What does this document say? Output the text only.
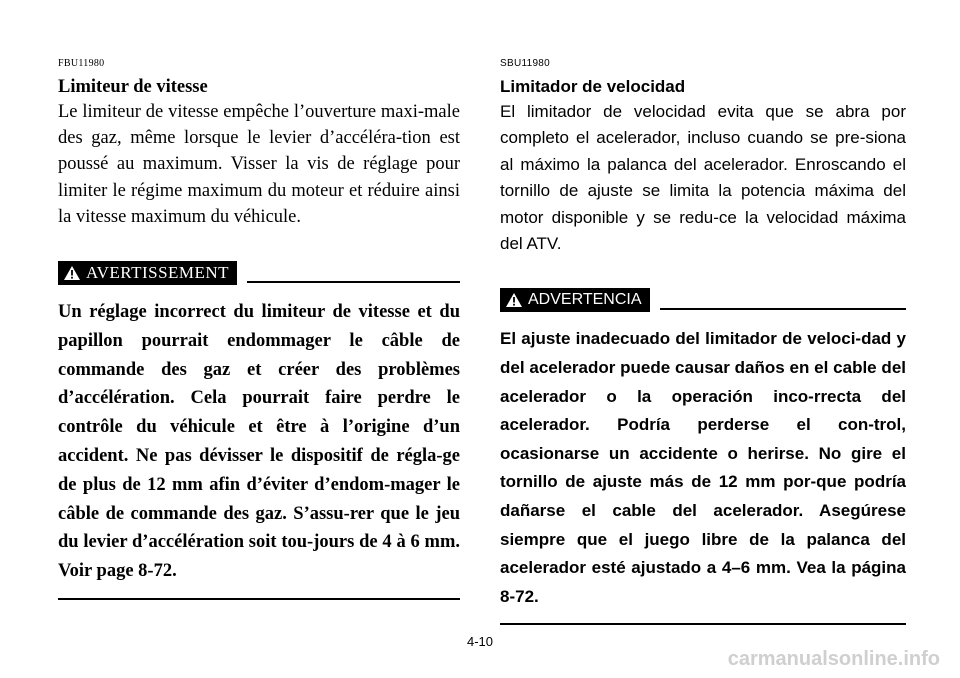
FBU11980

Limiteur de vitesse

Le limiteur de vitesse empêche l’ouverture maxi-male des gaz, même lorsque le levier d’accéléra-tion est poussé au maximum. Visser la vis de réglage pour limiter le régime maximum du moteur et réduire ainsi la vitesse maximum du véhicule.

AVERTISSEMENT

Un réglage incorrect du limiteur de vitesse et du papillon pourrait endommager le câble de commande des gaz et créer des problèmes d’accélération. Cela pourrait faire perdre le contrôle du véhicule et être à l’origine d’un accident. Ne pas dévisser le dispositif de régla-ge de plus de 12 mm afin d’éviter d’endom-mager le câble de commande des gaz. S’assu-rer que le jeu du levier d’accélération soit tou-jours de 4 à 6 mm. Voir page 8-72.

SBU11980

Limitador de velocidad

El limitador de velocidad evita que se abra por completo el acelerador, incluso cuando se pre-siona al máximo la palanca del acelerador. Enroscando el tornillo de ajuste se limita la potencia máxima del motor disponible y se redu-ce la velocidad máxima del ATV.

ADVERTENCIA

El ajuste inadecuado del limitador de veloci-dad y del acelerador puede causar daños en el cable del acelerador o la operación inco-rrecta del acelerador. Podría perderse el con-trol, ocasionarse un accidente o herirse. No gire el tornillo de ajuste más de 12 mm por-que podría dañarse el cable del acelerador. Asegúrese siempre que el juego libre de la palanca del acelerador esté ajustado a 4–6 mm. Vea la página 8-72.

4-10
carmanualsonline.info
